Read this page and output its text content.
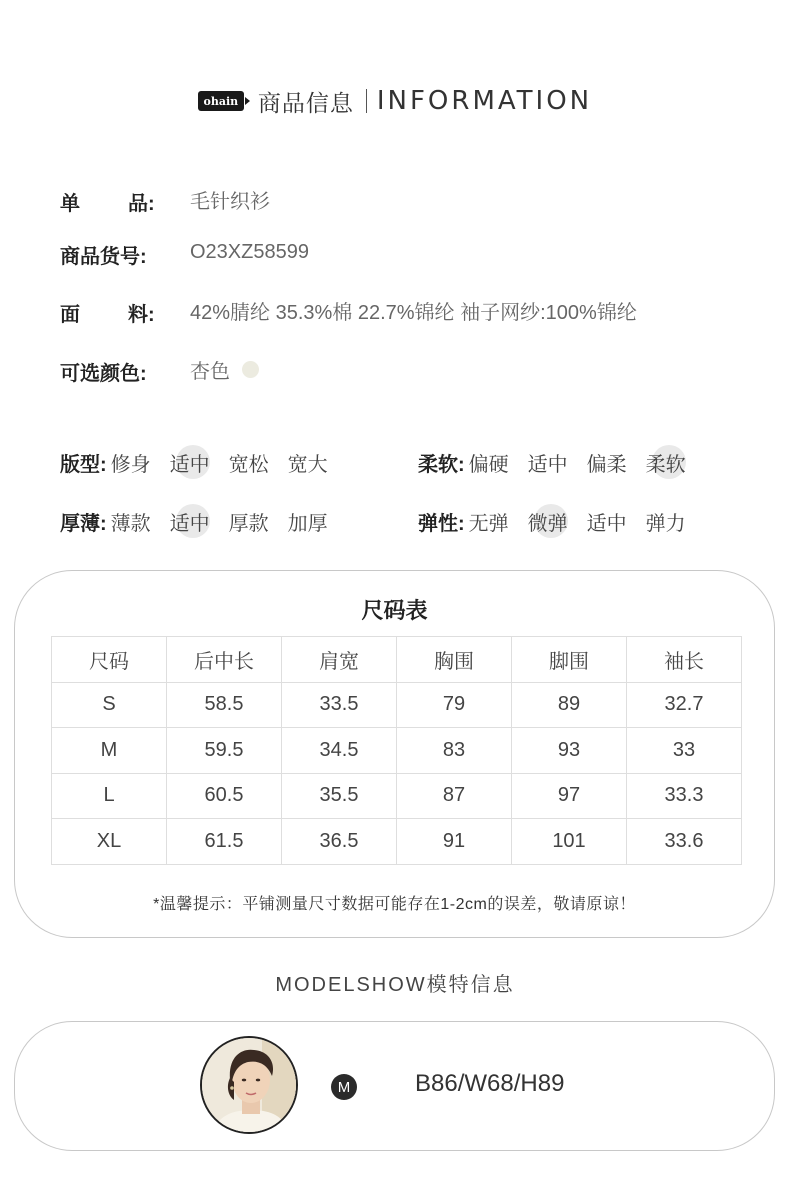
ohain 商品信息 INFORMATION
单 品: 毛针织衫
商品货号: O23XZ58599
面 料: 42%腈纶 35.3%棉 22.7%锦纶 袖子网纱:100%锦纶
可选颜色: 杏色
版型: 修身 适中 宽松 宽大	柔软: 偏硬 适中 偏柔 柔软
厚薄: 薄款 适中 厚款 加厚	弹性: 无弹 微弹 适中 弹力
尺码表
尺码	后中长	肩宽	胸围	脚围	袖长
S	58.5	33.5	79	89	32.7
M	59.5	34.5	83	93	33
L	60.5	35.5	87	97	33.3
XL	61.5	36.5	91	101	33.6
*温馨提示：平铺测量尺寸数据可能存在1-2cm的误差，敬请原谅！
MODELSHOW模特信息
M	B86/W68/H89
